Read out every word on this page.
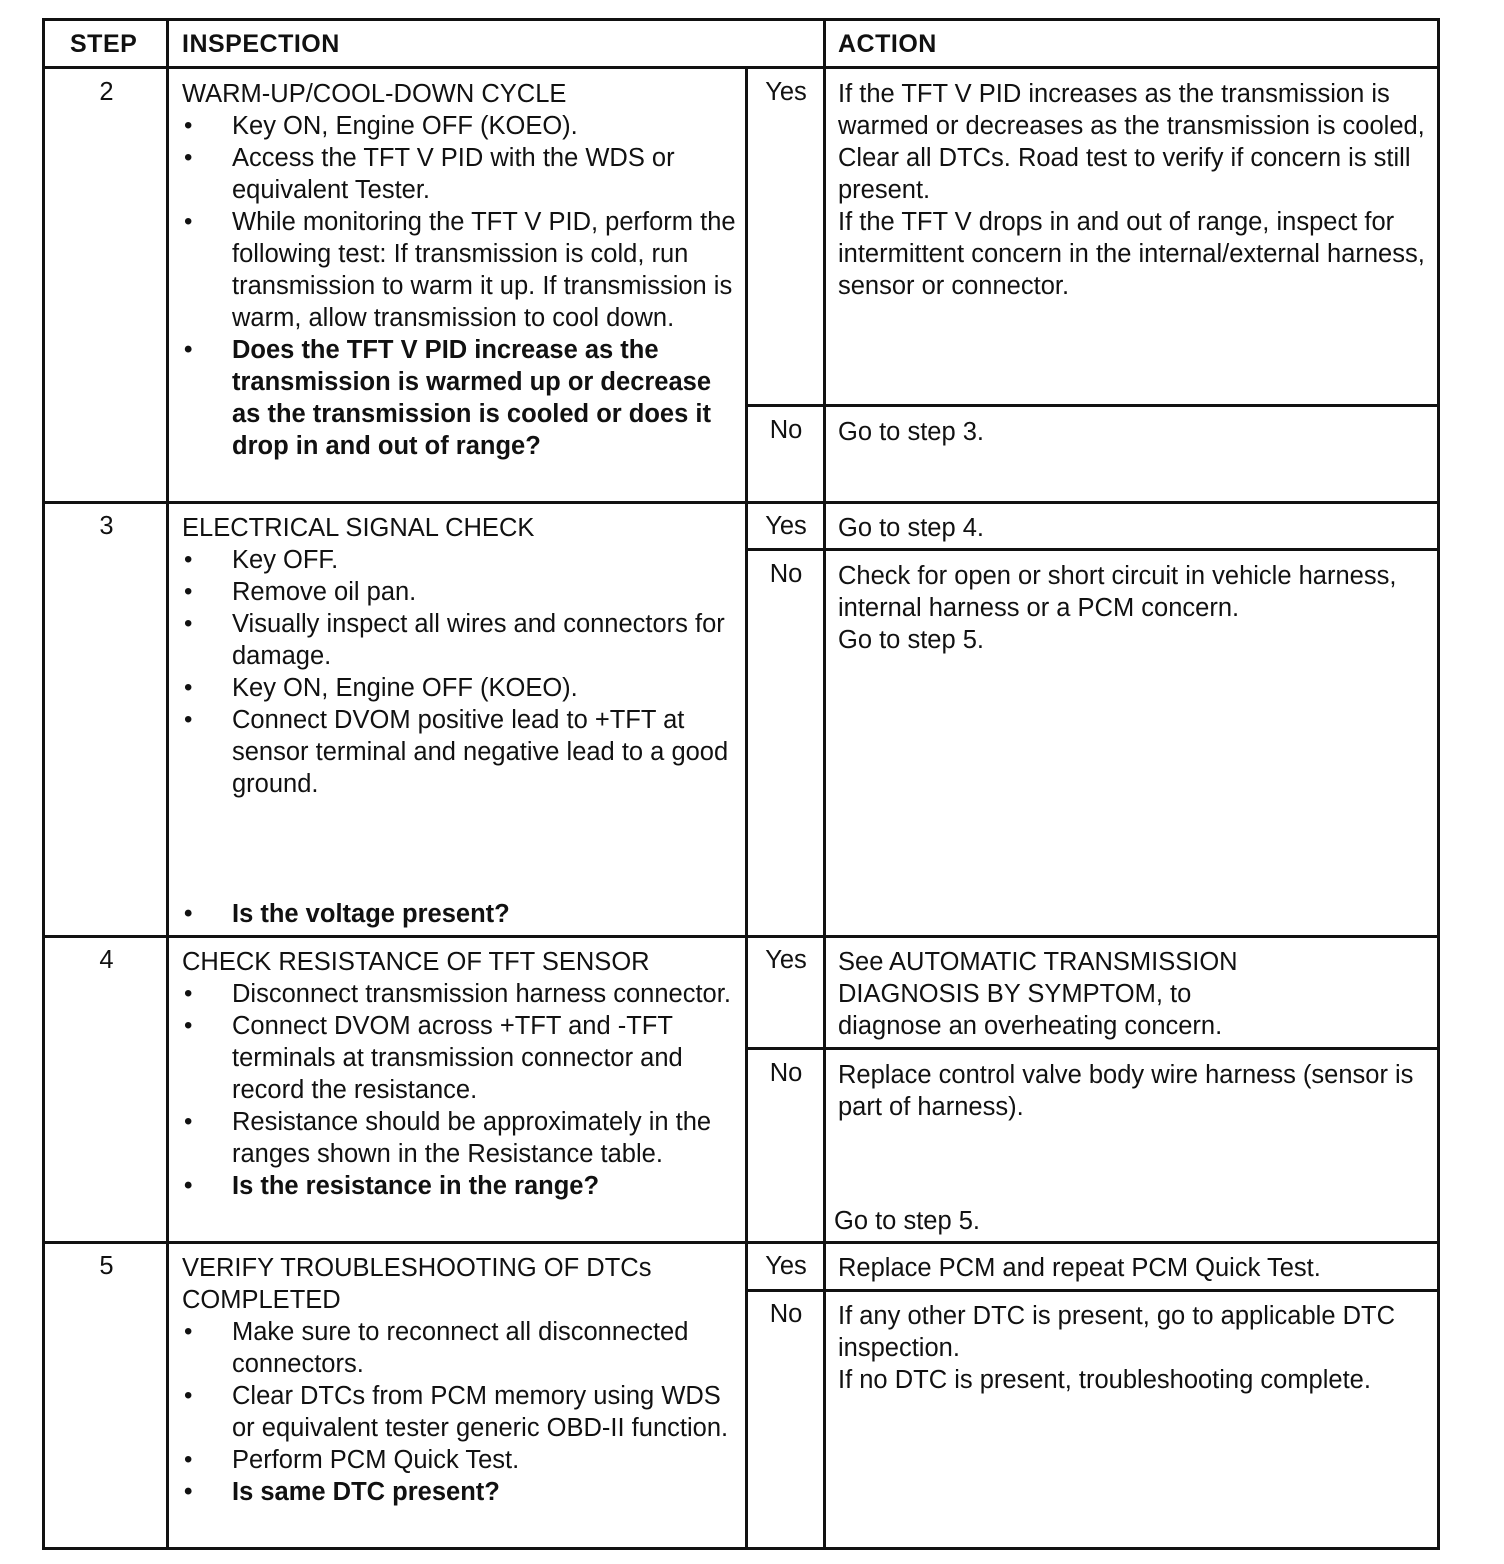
STEP INSPECTION	ACTION
2	WARM-UP/COOL-DOWN CYCLE
• Key ON, Engine OFF (KOEO).
• Access the TFT V PID with the WDS or equivalent Tester.
• While monitoring the TFT V PID, perform the following test: If transmission is cold, run transmission to warm it up. If transmission is warm, allow transmission to cool down.
• Does the TFT V PID increase as the transmission is warmed up or decrease as the transmission is cooled or does it drop in and out of range?
Yes	If the TFT V PID increases as the transmission is warmed or decreases as the transmission is cooled, Clear all DTCs. Road test to verify if concern is still present.

If the TFT V drops in and out of range, inspect for intermittent concern in the internal/external harness, sensor or connector.

No	Go to step 3.

3	ELECTRICAL SIGNAL CHECK
• Key OFF.
• Remove oil pan.
• Visually inspect all wires and connectors for damage.
• Key ON, Engine OFF (KOEO).
• Connect DVOM positive lead to +TFT at sensor terminal and negative lead to a good ground.
• Is the voltage present?
Yes	Go to step 4.

No	Check for open or short circuit in vehicle harness, internal harness or a PCM concern.

Go to step 5.

4	CHECK RESISTANCE OF TFT SENSOR
• Disconnect transmission harness connector.
• Connect DVOM across +TFT and -TFT terminals at transmission connector and record the resistance.
• Resistance should be approximately in the ranges shown in the Resistance table.
• Is the resistance in the range?
Yes	See AUTOMATIC TRANSMISSION DIAGNOSIS BY SYMPTOM, to diagnose an overheating concern.

No	Replace control valve body wire harness (sensor is part of harness).

Go to step 5.
5	VERIFY TROUBLESHOOTING OF DTCs COMPLETED
• Make sure to reconnect all disconnected connectors.
• Clear DTCs from PCM memory using WDS or equivalent tester generic OBD-II function.
• Perform PCM Quick Test.
• Is same DTC present?
Yes	Replace PCM and repeat PCM Quick Test.

No	If any other DTC is present, go to applicable DTC inspection.

If no DTC is present, troubleshooting complete.
